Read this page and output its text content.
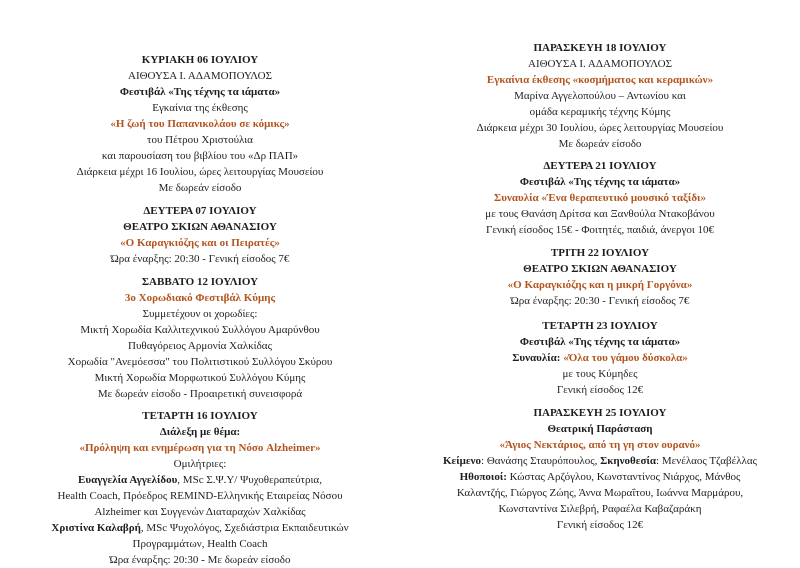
ΚΥΡΙΑΚΗ 06 ΙΟΥΛΙΟΥ
ΑΙΘΟΥΣΑ Ι. ΑΔΑΜΟΠΟΥΛΟΣ
Φεστιβάλ «Της τέχνης τα ιάματα»
Εγκαίνια της έκθεσης
«Η ζωή του Παπανικολάου σε κόμικς»
του Πέτρου Χριστούλια
και παρουσίαση του βιβλίου του «Δρ ΠΑΠ»
Διάρκεια μέχρι 16 Ιουλίου, ώρες λειτουργίας Μουσείου
Με δωρεάν είσοδο
ΔΕΥΤΕΡΑ 07 ΙΟΥΛΙΟΥ
ΘΕΑΤΡΟ ΣΚΙΩΝ ΑΘΑΝΑΣΙΟΥ
«Ο Καραγκιόζης και οι Πειρατές»
Ώρα έναρξης: 20:30 - Γενική είσοδος 7€
ΣΑΒΒΑΤΟ 12 ΙΟΥΛΙΟΥ
3ο Χορωδιακό Φεστιβάλ Κύμης
Συμμετέχουν οι χορωδίες:
Μικτή Χορωδία Καλλιτεχνικού Συλλόγου Αμαρύνθου
Πυθαγόρειος Αρμονία Χαλκίδας
Χορωδία "Ανεμόεσσα" του Πολιτιστικού Συλλόγου Σκύρου
Μικτή Χορωδία Μορφωτικού Συλλόγου Κύμης
Με δωρεάν είσοδο - Προαιρετική συνεισφορά
ΤΕΤΑΡΤΗ 16 ΙΟΥΛΙΟΥ
Διάλεξη με θέμα:
«Πρόληψη και ενημέρωση για τη Νόσο Alzheimer»
Ομιλήτριες:
Ευαγγελία Αγγελίδου, MSc Σ.Ψ.Υ/ Ψυχοθεραπεύτρια,
Health Coach, Πρόεδρος REMIND-Ελληνικής Εταιρείας Νόσου
Alzheimer και Συγγενών Διαταραχών Χαλκίδας
Χριστίνα Καλαβρή, MSc Ψυχολόγος, Σχεδιάστρια Εκπαιδευτικών
Προγραμμάτων, Health Coach
Ώρα έναρξης: 20:30 - Με δωρεάν είσοδο
ΠΑΡΑΣΚΕΥΗ 18 ΙΟΥΛΙΟΥ
ΑΙΘΟΥΣΑ Ι. ΑΔΑΜΟΠΟΥΛΟΣ
Εγκαίνια έκθεσης «κοσμήματος και κεραμικών»
Μαρίνα Αγγελοπούλου – Αντωνίου και
ομάδα κεραμικής τέχνης Κύμης
Διάρκεια μέχρι 30 Ιουλίου, ώρες λειτουργίας Μουσείου
Με δωρεάν είσοδο
ΔΕΥΤΕΡΑ 21 ΙΟΥΛΙΟΥ
Φεστιβάλ «Της τέχνης τα ιάματα»
Συναυλία «Ένα θεραπευτικό μουσικό ταξίδι»
με τους Θανάση Δρίτσα και Ξανθούλα Ντακοβάνου
Γενική είσοδος 15€ - Φοιτητές, παιδιά, άνεργοι 10€
ΤΡΙΤΗ 22 ΙΟΥΛΙΟΥ
ΘΕΑΤΡΟ ΣΚΙΩΝ ΑΘΑΝΑΣΙΟΥ
«Ο Καραγκιόζης και η μικρή Γοργόνα»
Ώρα έναρξης: 20:30 - Γενική είσοδος 7€
ΤΕΤΑΡΤΗ 23 ΙΟΥΛΙΟΥ
Φεστιβάλ «Της τέχνης τα ιάματα»
Συναυλία: «Όλα του γάμου δύσκολα»
με τους Κύμηδες
Γενική είσοδος 12€
ΠΑΡΑΣΚΕΥΗ 25 ΙΟΥΛΙΟΥ
Θεατρική Παράσταση
«Άγιος Νεκτάριος, από τη γη στον ουρανό»
Κείμενο: Θανάσης Σταυρόπουλος, Σκηνοθεσία: Μενέλαος Τζαβέλλας
Ηθοποιοί: Κώστας Αρζόγλου, Κωνσταντίνος Νιάρχος, Μάνθος
Καλαντζής, Γιώργος Ζώης, Άννα Μωραΐτου, Ιωάννα Μαρμάρου,
Κωνσταντίνα Σιλεβρή, Ραφαέλα Καβαζαράκη
Γενική είσοδος 12€
